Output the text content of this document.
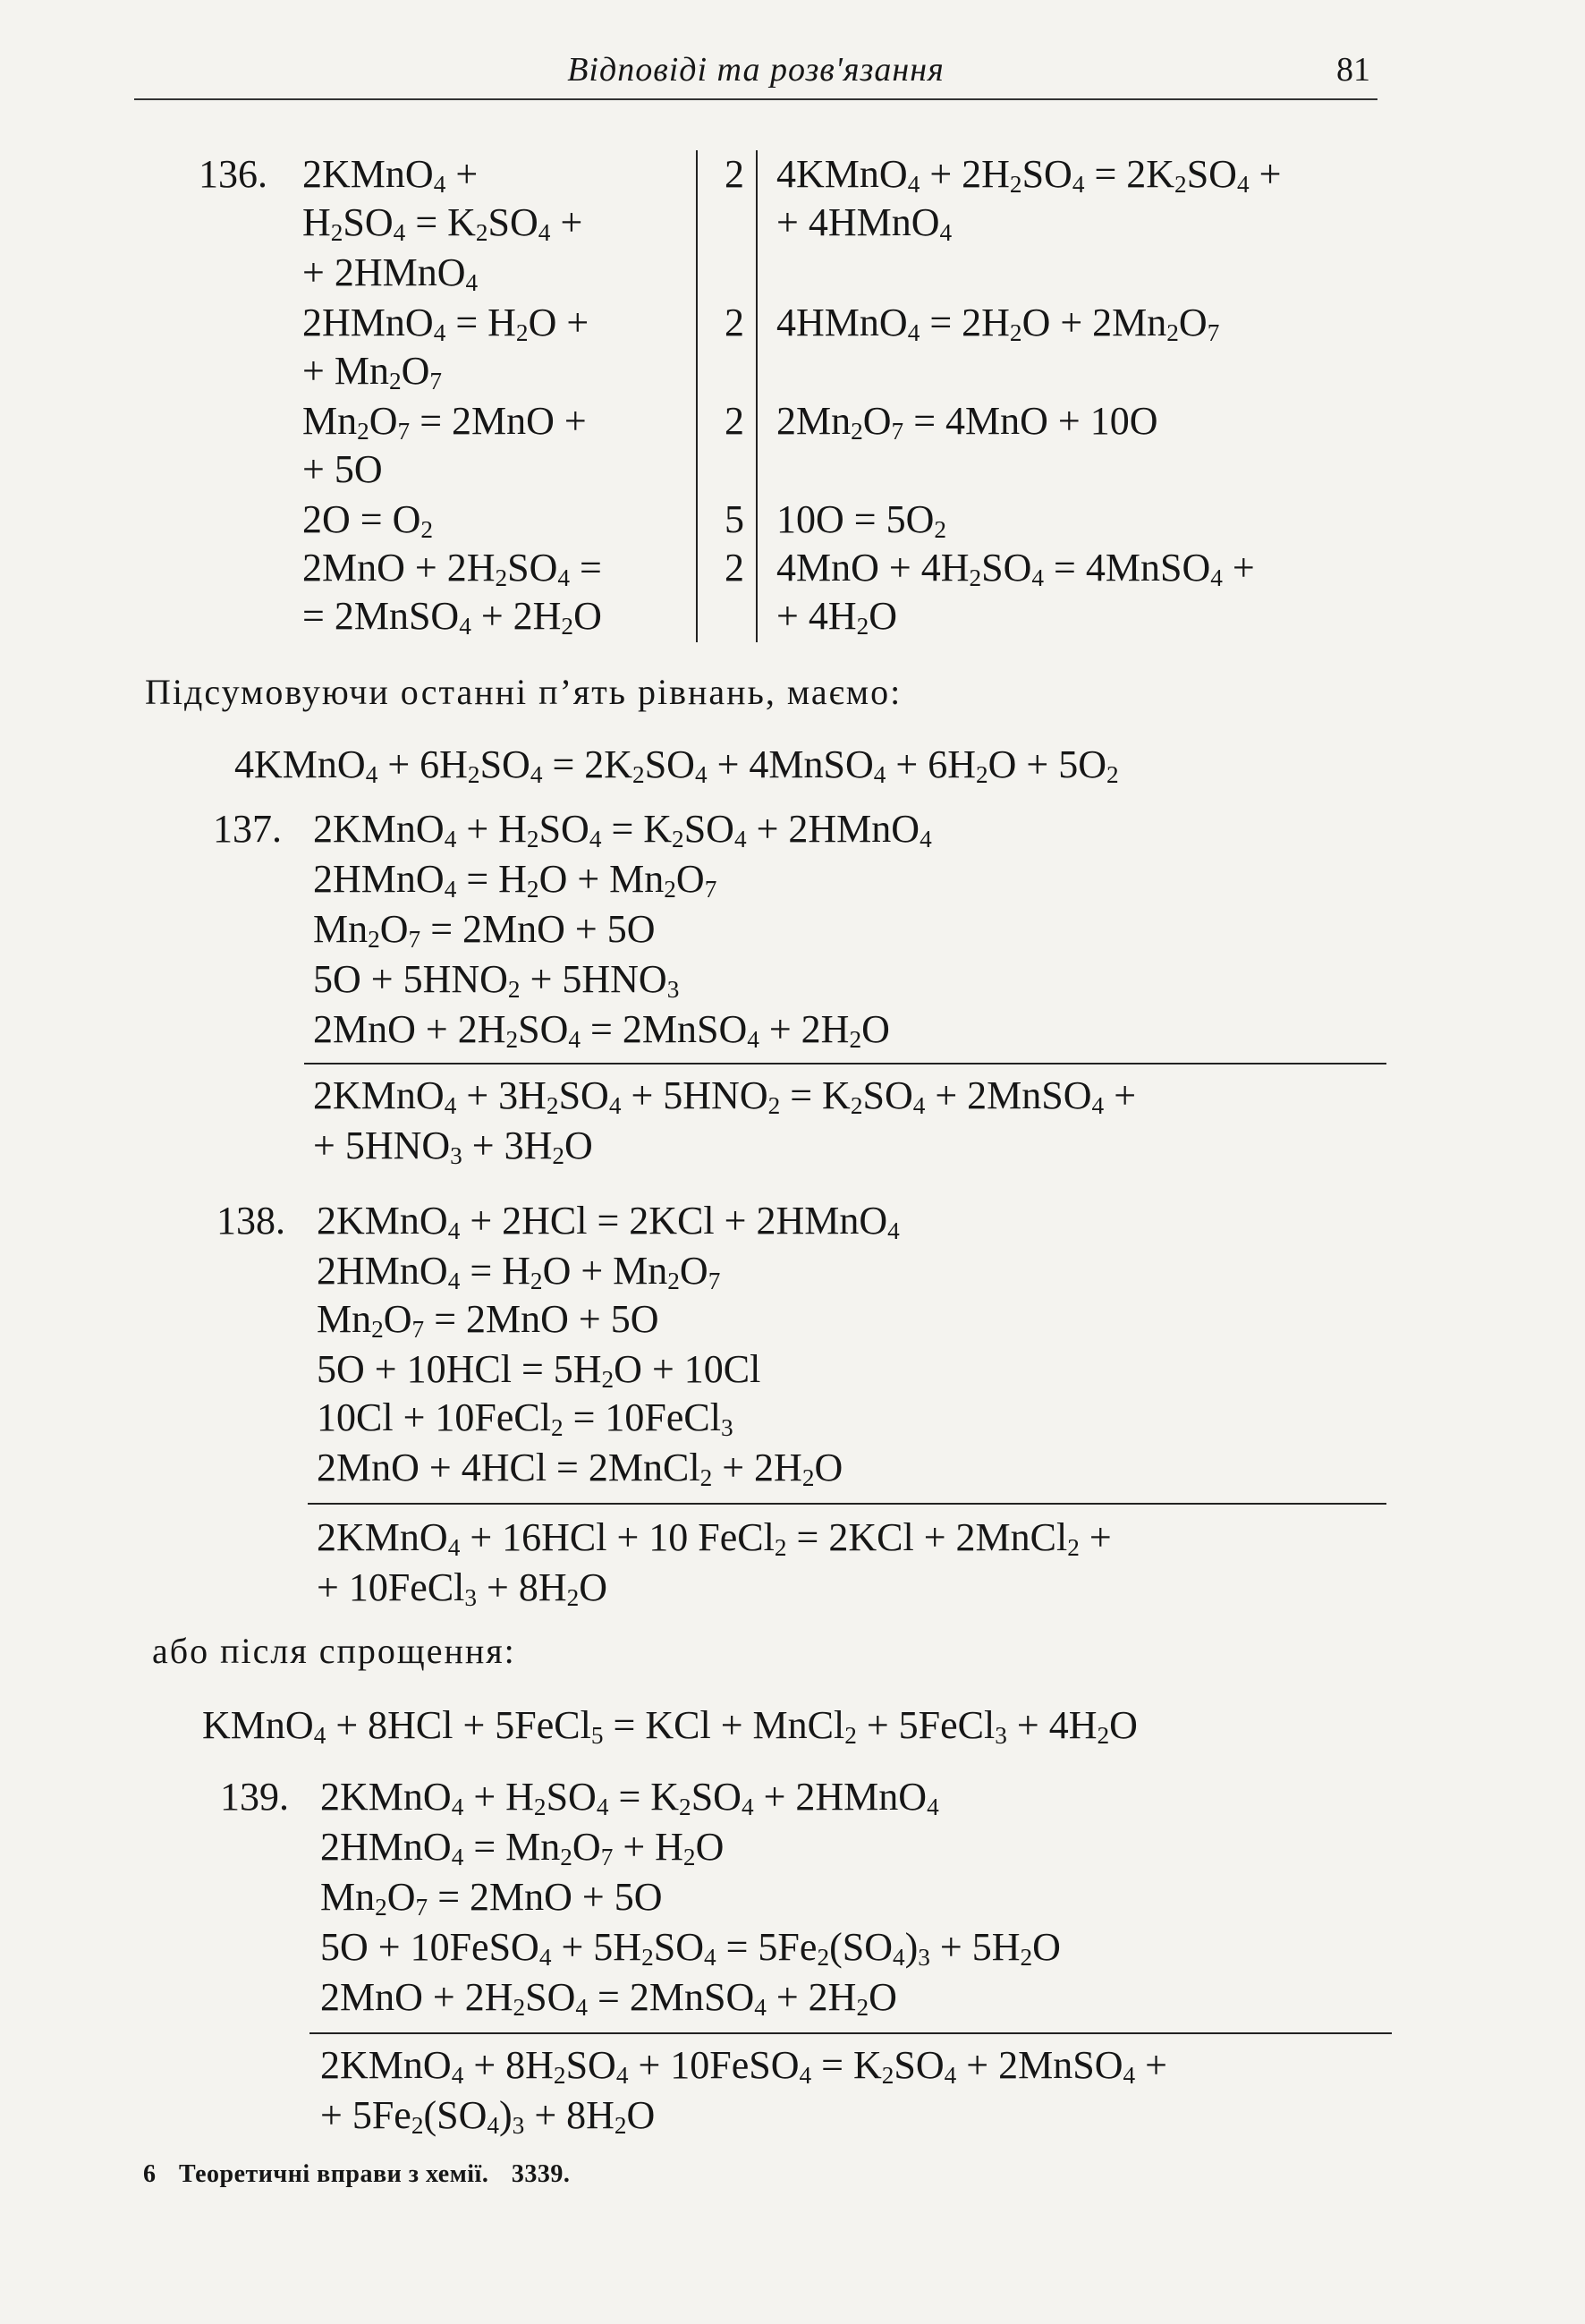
Відповіді та розв'язання	81
136. 2KMnO$_4$ +
$H_2SO_4 = K_2SO_4$ +
+ 2HMnO$_4$
2HMnO$_4$ = $H_2O$ +
+ $Mn_2O_7$
$Mn_2O_7 = 2MnO$ +
+ 5O
$2O = O_2$
$2MnO + 2H_2SO_4$ =
= 2MnSO$_4$ + $2H_2O$
2
2
2
5
2
4KMnO$_4$ + $2H_2SO_4 = 2K_2SO_4$ +
+ 4HMnO$_4$
4HMnO$_4$ = $2H_2O + 2Mn_2O_7$
$2Mn_2O_7 = 4MnO + 10O$
$10O = 5O_2$
$4MnO + 4H_2SO_4$ = 4MnSO$_4$ +
+ $4H_2O$
Підсумовуючи останні п’ять рівнань, маємо:
4KMnO$_4$ + $6H_2SO_4 = 2K_2SO_4$ + 4MnSO$_4$ + $6H_2O + 5O_2$
137. 2KMnO$_4$ + $H_2SO_4 = K_2SO_4$ + 2HMnO$_4$
2HMnO$_4$ = $H_2O + Mn_2O_7$
$Mn_2O_7 = 2MnO + 5O$
$5O + 5HNO_2 + 5HNO_3$
$2MnO + 2H_2SO_4$ = 2MnSO$_4$ + $2H_2O$
2KMnO$_4$ + $3H_2SO_4 + 5HNO_2 = K_2SO_4$ + 2MnSO$_4$ +
+ $5HNO_3 + 3H_2O$
138. 2KMnO$_4$ + 2HCl = 2KCl + 2HMnO$_4$
2HMnO$_4$ = $H_2O + Mn_2O_7$
$Mn_2O_7 = 2MnO + 5O$
$5O + 10HCl = 5H_2O + 10Cl$
10Cl + 10FeCl$_2$ = 10FeCl$_3$
2MnO + 4HCl = 2MnCl$_2$ + $2H_2O$
2KMnO$_4$ + 16HCl + 10 FeCl$_2$ = 2KCl + 2MnCl$_2$ +
+ 10FeCl$_3$ + $8H_2O$
або після спрощення:
KMnO$_4$ + 8HCl + 5FeCl$_5$ = KCl + MnCl$_2$ + 5FeCl$_3$ + $4H_2O$
139. 2KMnO$_4$ + $H_2SO_4 = K_2SO_4$ + 2HMnO$_4$
2HMnO$_4$ = $Mn_2O_7 + H_2O$
$Mn_2O_7 = 2MnO + 5O$
5O + 10FeSO$_4$ + $5H_2SO_4 = 5Fe_2(SO_4)_3 + 5H_2O$
$2MnO + 2H_2SO_4$ = 2MnSO$_4$ + $2H_2O$
2KMnO$_4$ + $8H_2SO_4$ + 10FeSO$_4$ = $K_2SO_4$ + 2MnSO$_4$ +
+ $5Fe_2(SO_4)_3 + 8H_2O$
6 Теоретичні вправи з хемії. 3339.
